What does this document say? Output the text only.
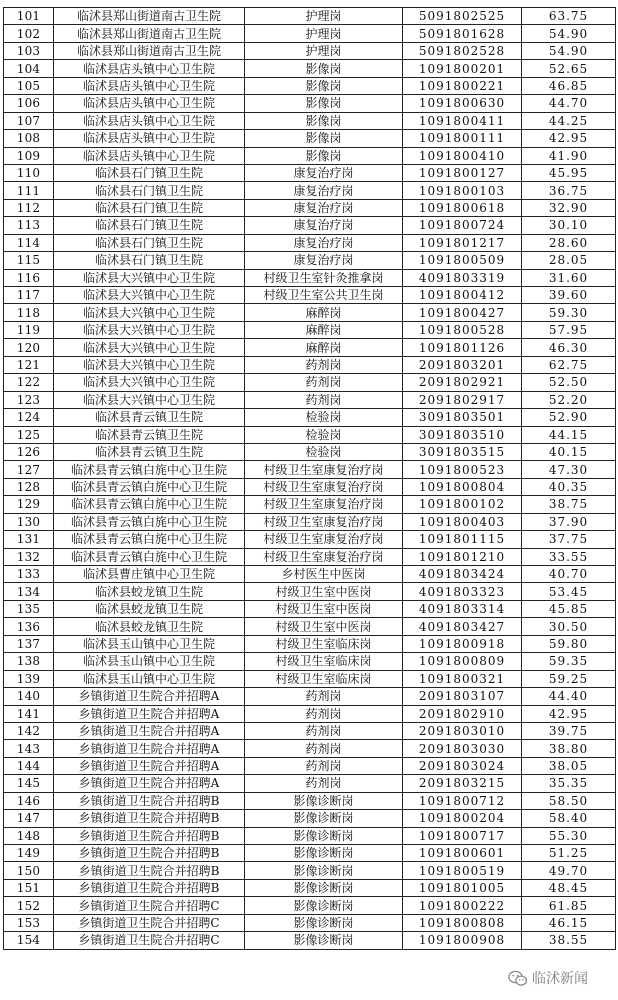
101	临沭县郑山街道南古卫生院	护理岗	5091802525	63.75
102	临沭县郑山街道南古卫生院	护理岗	5091801628	54.90
103	临沭县郑山街道南古卫生院	护理岗	5091802528	54.90
104	临沭县店头镇中心卫生院	影像岗	1091800201	52.65
105	临沭县店头镇中心卫生院	影像岗	1091800221	46.85
106	临沭县店头镇中心卫生院	影像岗	1091800630	44.70
107	临沭县店头镇中心卫生院	影像岗	1091800411	44.25
108	临沭县店头镇中心卫生院	影像岗	1091800111	42.95
109	临沭县店头镇中心卫生院	影像岗	1091800410	41.90
110	临沭县石门镇卫生院	康复治疗岗	1091800127	45.95
111	临沭县石门镇卫生院	康复治疗岗	1091800103	36.75
112	临沭县石门镇卫生院	康复治疗岗	1091800618	32.90
113	临沭县石门镇卫生院	康复治疗岗	1091800724	30.10
114	临沭县石门镇卫生院	康复治疗岗	1091801217	28.60
115	临沭县石门镇卫生院	康复治疗岗	1091800509	28.05
116	临沭县大兴镇中心卫生院	村级卫生室针灸推拿岗	4091803319	31.60
117	临沭县大兴镇中心卫生院	村级卫生室公共卫生岗	1091800412	39.60
118	临沭县大兴镇中心卫生院	麻醉岗	1091800427	59.30
119	临沭县大兴镇中心卫生院	麻醉岗	1091800528	57.95
120	临沭县大兴镇中心卫生院	麻醉岗	1091801126	46.30
121	临沭县大兴镇中心卫生院	药剂岗	2091803201	62.75
122	临沭县大兴镇中心卫生院	药剂岗	2091802921	52.50
123	临沭县大兴镇中心卫生院	药剂岗	2091802917	52.20
124	临沭县青云镇卫生院	检验岗	3091803501	52.90
125	临沭县青云镇卫生院	检验岗	3091803510	44.15
126	临沭县青云镇卫生院	检验岗	3091803515	40.15
127	临沭县青云镇白旄中心卫生院	村级卫生室康复治疗岗	1091800523	47.30
128	临沭县青云镇白旄中心卫生院	村级卫生室康复治疗岗	1091800804	40.35
129	临沭县青云镇白旄中心卫生院	村级卫生室康复治疗岗	1091800102	38.75
130	临沭县青云镇白旄中心卫生院	村级卫生室康复治疗岗	1091800403	37.90
131	临沭县青云镇白旄中心卫生院	村级卫生室康复治疗岗	1091801115	37.75
132	临沭县青云镇白旄中心卫生院	村级卫生室康复治疗岗	1091801210	33.55
133	临沭县曹庄镇中心卫生院	乡村医生中医岗	4091803424	40.70
134	临沭县蛟龙镇卫生院	村级卫生室中医岗	4091803323	53.45
135	临沭县蛟龙镇卫生院	村级卫生室中医岗	4091803314	45.85
136	临沭县蛟龙镇卫生院	村级卫生室中医岗	4091803427	30.50
137	临沭县玉山镇中心卫生院	村级卫生室临床岗	1091800918	59.80
138	临沭县玉山镇中心卫生院	村级卫生室临床岗	1091800809	59.35
139	临沭县玉山镇中心卫生院	村级卫生室临床岗	1091800321	59.25
140	乡镇街道卫生院合并招聘A	药剂岗	2091803107	44.40
141	乡镇街道卫生院合并招聘A	药剂岗	2091802910	42.95
142	乡镇街道卫生院合并招聘A	药剂岗	2091803010	39.75
143	乡镇街道卫生院合并招聘A	药剂岗	2091803030	38.80
144	乡镇街道卫生院合并招聘A	药剂岗	2091803024	38.05
145	乡镇街道卫生院合并招聘A	药剂岗	2091803215	35.35
146	乡镇街道卫生院合并招聘B	影像诊断岗	1091800712	58.50
147	乡镇街道卫生院合并招聘B	影像诊断岗	1091800204	58.40
148	乡镇街道卫生院合并招聘B	影像诊断岗	1091800717	55.30
149	乡镇街道卫生院合并招聘B	影像诊断岗	1091800601	51.25
150	乡镇街道卫生院合并招聘B	影像诊断岗	1091800519	49.70
151	乡镇街道卫生院合并招聘B	影像诊断岗	1091801005	48.45
152	乡镇街道卫生院合并招聘C	影像诊断岗	1091800222	61.85
153	乡镇街道卫生院合并招聘C	影像诊断岗	1091800808	46.15
154	乡镇街道卫生院合并招聘C	影像诊断岗	1091800908	38.55
临沭新闻
